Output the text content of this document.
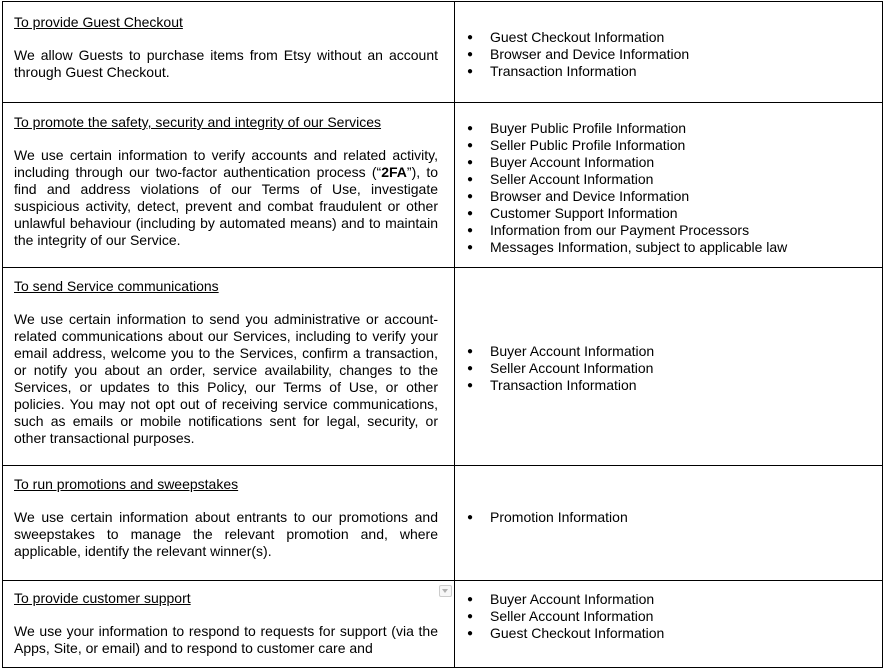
To provide Guest Checkout
We allow Guests to purchase items from Etsy without an account through Guest Checkout.
● Guest Checkout Information
● Browser and Device Information
● Transaction Information
To promote the safety, security and integrity of our Services
We use certain information to verify accounts and related activity, including through our two-factor authentication process (“2FA”), to find and address violations of our Terms of Use, investigate suspicious activity, detect, prevent and combat fraudulent or other unlawful behaviour (including by automated means) and to maintain the integrity of our Service.
● Buyer Public Profile Information
● Seller Public Profile Information
● Buyer Account Information
● Seller Account Information
● Browser and Device Information
● Customer Support Information
● Information from our Payment Processors
● Messages Information, subject to applicable law
To send Service communications
We use certain information to send you administrative or account-related communications about our Services, including to verify your email address, welcome you to the Services, confirm a transaction, or notify you about an order, service availability, changes to the Services, or updates to this Policy, our Terms of Use, or other policies. You may not opt out of receiving service communications, such as emails or mobile notifications sent for legal, security, or other transactional purposes.
● Buyer Account Information
● Seller Account Information
● Transaction Information
To run promotions and sweepstakes
We use certain information about entrants to our promotions and sweepstakes to manage the relevant promotion and, where applicable, identify the relevant winner(s).
● Promotion Information
To provide customer support
We use your information to respond to requests for support (via the Apps, Site, or email) and to respond to customer care and
● Buyer Account Information
● Seller Account Information
● Guest Checkout Information
